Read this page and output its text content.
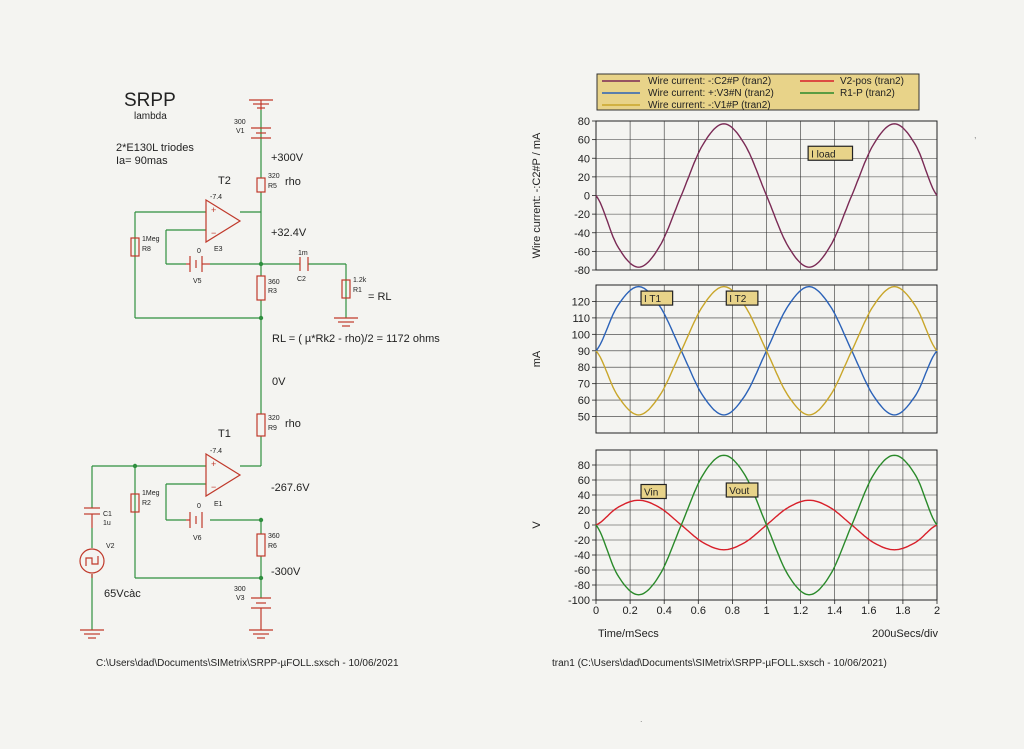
SRPP
lambda
2*E130L triodes
Ia= 90mas
+
−
+
−
300
V1
+300V
320
R5 rho
T2
-7.4
E3
+32.4V
1Meg
R8	0
V5
1m
C2
360
R3
1.2k
R1
= RL
RL = ( µ*Rk2 - rho)/2 = 1172 ohms
0V
320
R9 rho
T1
-7.4
E1
1Meg
R2
-267.6V
0
V6
C1
1u
V2
360
R6
-300V
300
V3
65Vcàc
C:\Users\dad\Documents\SIMetrix\SRPP-µFOLL.sxsch - 10/06/2021
Wire current: -:C2#P (tran2)	V2-pos (tran2)
Wire current: +:V3#N (tran2)	R1-P (tran2)
Wire current: -:V1#P (tran2)
80
60
40
20
0
-20
-40
-60
-80
Wire current: -:C2#P / mA	I load
120
110
100
90
80
70
60
50
mA
I T1	I T2
80
60
40
20
0
-20
-40
-60
-80
-100
V
0 0.2 0.4 0.6 0.8 1 1.2 1.4 1.6 1.8 2
Vin	Vout
Time/mSecs	200uSecs/div
tran1 (C:\Users\dad\Documents\SIMetrix\SRPP-µFOLL.sxsch - 10/06/2021)
,
.
